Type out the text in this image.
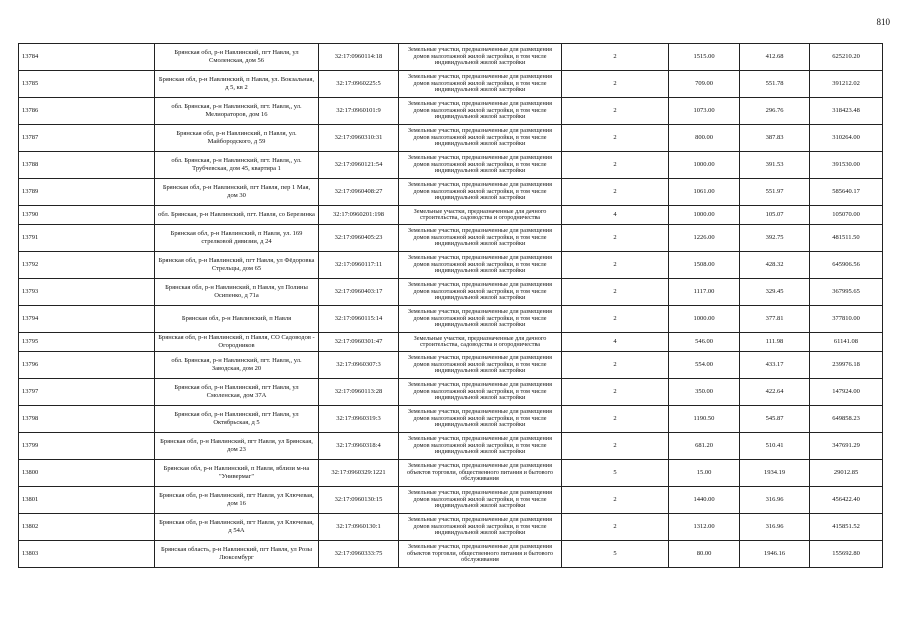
810
13784	Брянская обл, р-н Навлинский, пгт Навля, ул Смоленская, дом 56	32:17:0960114:18	Земельные участки, предназначенные для размещения домов малоэтажной жилой застройки, в том числе индивидуальной жилой застройки	2	1515.00	412.68	625210.20
13785	Брянская обл, р-н Навлинский, п Навля, ул. Вокзальная, д 5, кв 2	32:17:0960225:5	Земельные участки, предназначенные для размещения домов малоэтажной жилой застройки, в том числе индивидуальной жилой застройки	2	709.00	551.78	391212.02
13786	обл. Брянская, р-н Навлинский, пгт. Навля,, ул. Мелиораторов, дом 16	32:17:0960101:9	Земельные участки, предназначенные для размещения домов малоэтажной жилой застройки, в том числе индивидуальной жилой застройки	2	1073.00	296.76	318423.48
13787	Брянская обл, р-н Навлинский, п Навля, ул. Майбородского, д 59	32:17:0960310:31	Земельные участки, предназначенные для размещения домов малоэтажной жилой застройки, в том числе индивидуальной жилой застройки	2	800.00	387.83	310264.00
13788	обл. Брянская, р-н Навлинский, пгт. Навля,, ул. Трубчевская, дом 45, квартира 1	32:17:0960121:54	Земельные участки, предназначенные для размещения домов малоэтажной жилой застройки, в том числе индивидуальной жилой застройки	2	1000.00	391.53	391530.00
13789	Брянская обл, р-н Навлинский, пгт Навля, пер 1 Мая, дом 30	32:17:0960408:27	Земельные участки, предназначенные для размещения домов малоэтажной жилой застройки, в том числе индивидуальной жилой застройки	2	1061.00	551.97	585640.17
13790	обл. Брянская, р-н Навлинский, пгт. Навля, со Березинка	32:17:0960201:198	Земельные участки, предназначенные для дачного строительства, садоводства и огородничества	4	1000.00	105.07	105070.00
13791	Брянская обл, р-н Навлинский, п Навля, ул. 169 стрелковой дивизии, д 24	32:17:0960405:23	Земельные участки, предназначенные для размещения домов малоэтажной жилой застройки, в том числе индивидуальной жилой застройки	2	1226.00	392.75	481511.50
13792	Брянская обл, р-н Навлинский, пгт Навля, ул Фёдоровка Стрельцы, дом 65	32:17:0960117:11	Земельные участки, предназначенные для размещения домов малоэтажной жилой застройки, в том числе индивидуальной жилой застройки	2	1508.00	428.32	645906.56
13793	Брянская обл, р-н Навлинский, п Навля, ул Полины Осипенко, д 71а	32:17:0960403:17	Земельные участки, предназначенные для размещения домов малоэтажной жилой застройки, в том числе индивидуальной жилой застройки	2	1117.00	329.45	367995.65
13794	Брянская обл, р-н Навлинский, п Навля	32:17:0960115:14	Земельные участки, предназначенные для размещения домов малоэтажной жилой застройки, в том числе индивидуальной жилой застройки	2	1000.00	377.81	377810.00
13795	Брянская обл, р-н Навлинский, п Навля, СО Садоводов - Огородников	32:17:0960301:47	Земельные участки, предназначенные для дачного строительства, садоводства и огородничества	4	546.00	111.98	61141.08
13796	обл. Брянская, р-н Навлинский, пгт. Навля,, ул. Заводская, дом 20	32:17:0960307:3	Земельные участки, предназначенные для размещения домов малоэтажной жилой застройки, в том числе индивидуальной жилой застройки	2	554.00	433.17	239976.18
13797	Брянская обл, р-н Навлинский, пгт Навля, ул Смоленская, дом 37А	32:17:0960113:28	Земельные участки, предназначенные для размещения домов малоэтажной жилой застройки, в том числе индивидуальной жилой застройки	2	350.00	422.64	147924.00
13798	Брянская обл, р-н Навлинский, пгт Навля, ул Октябрьская, д 5	32:17:0960319:3	Земельные участки, предназначенные для размещения домов малоэтажной жилой застройки, в том числе индивидуальной жилой застройки	2	1190.50	545.87	649858.23
13799	Брянская обл, р-н Навлинский, пгт Навля, ул Брянская, дом 23	32:17:0960318:4	Земельные участки, предназначенные для размещения домов малоэтажной жилой застройки, в том числе индивидуальной жилой застройки	2	681.20	510.41	347691.29
13800	Брянская обл, р-н Навлинский, п Навля, вблизи м-на "Универмаг"	32:17:0960329:1221	Земельные участки, предназначенные для размещения объектов торговли, общественного питания и бытового обслуживания	5	15.00	1934.19	29012.85
13801	Брянская обл, р-н Навлинский, пгт Навля, ул Ключевая, дом 16	32:17:0960130:15	Земельные участки, предназначенные для размещения домов малоэтажной жилой застройки, в том числе индивидуальной жилой застройки	2	1440.00	316.96	456422.40
13802	Брянская обл, р-н Навлинский, пгт Навля, ул Ключевая, д 54А	32:17:0960130:1	Земельные участки, предназначенные для размещения домов малоэтажной жилой застройки, в том числе индивидуальной жилой застройки	2	1312.00	316.96	415851.52
13803	Брянская область, р-н Навлинский, пгт Навля, ул Розы Люксембург	32:17:0960333:75	Земельные участки, предназначенные для размещения объектов торговли, общественного питания и бытового обслуживания	5	80.00	1946.16	155692.80
